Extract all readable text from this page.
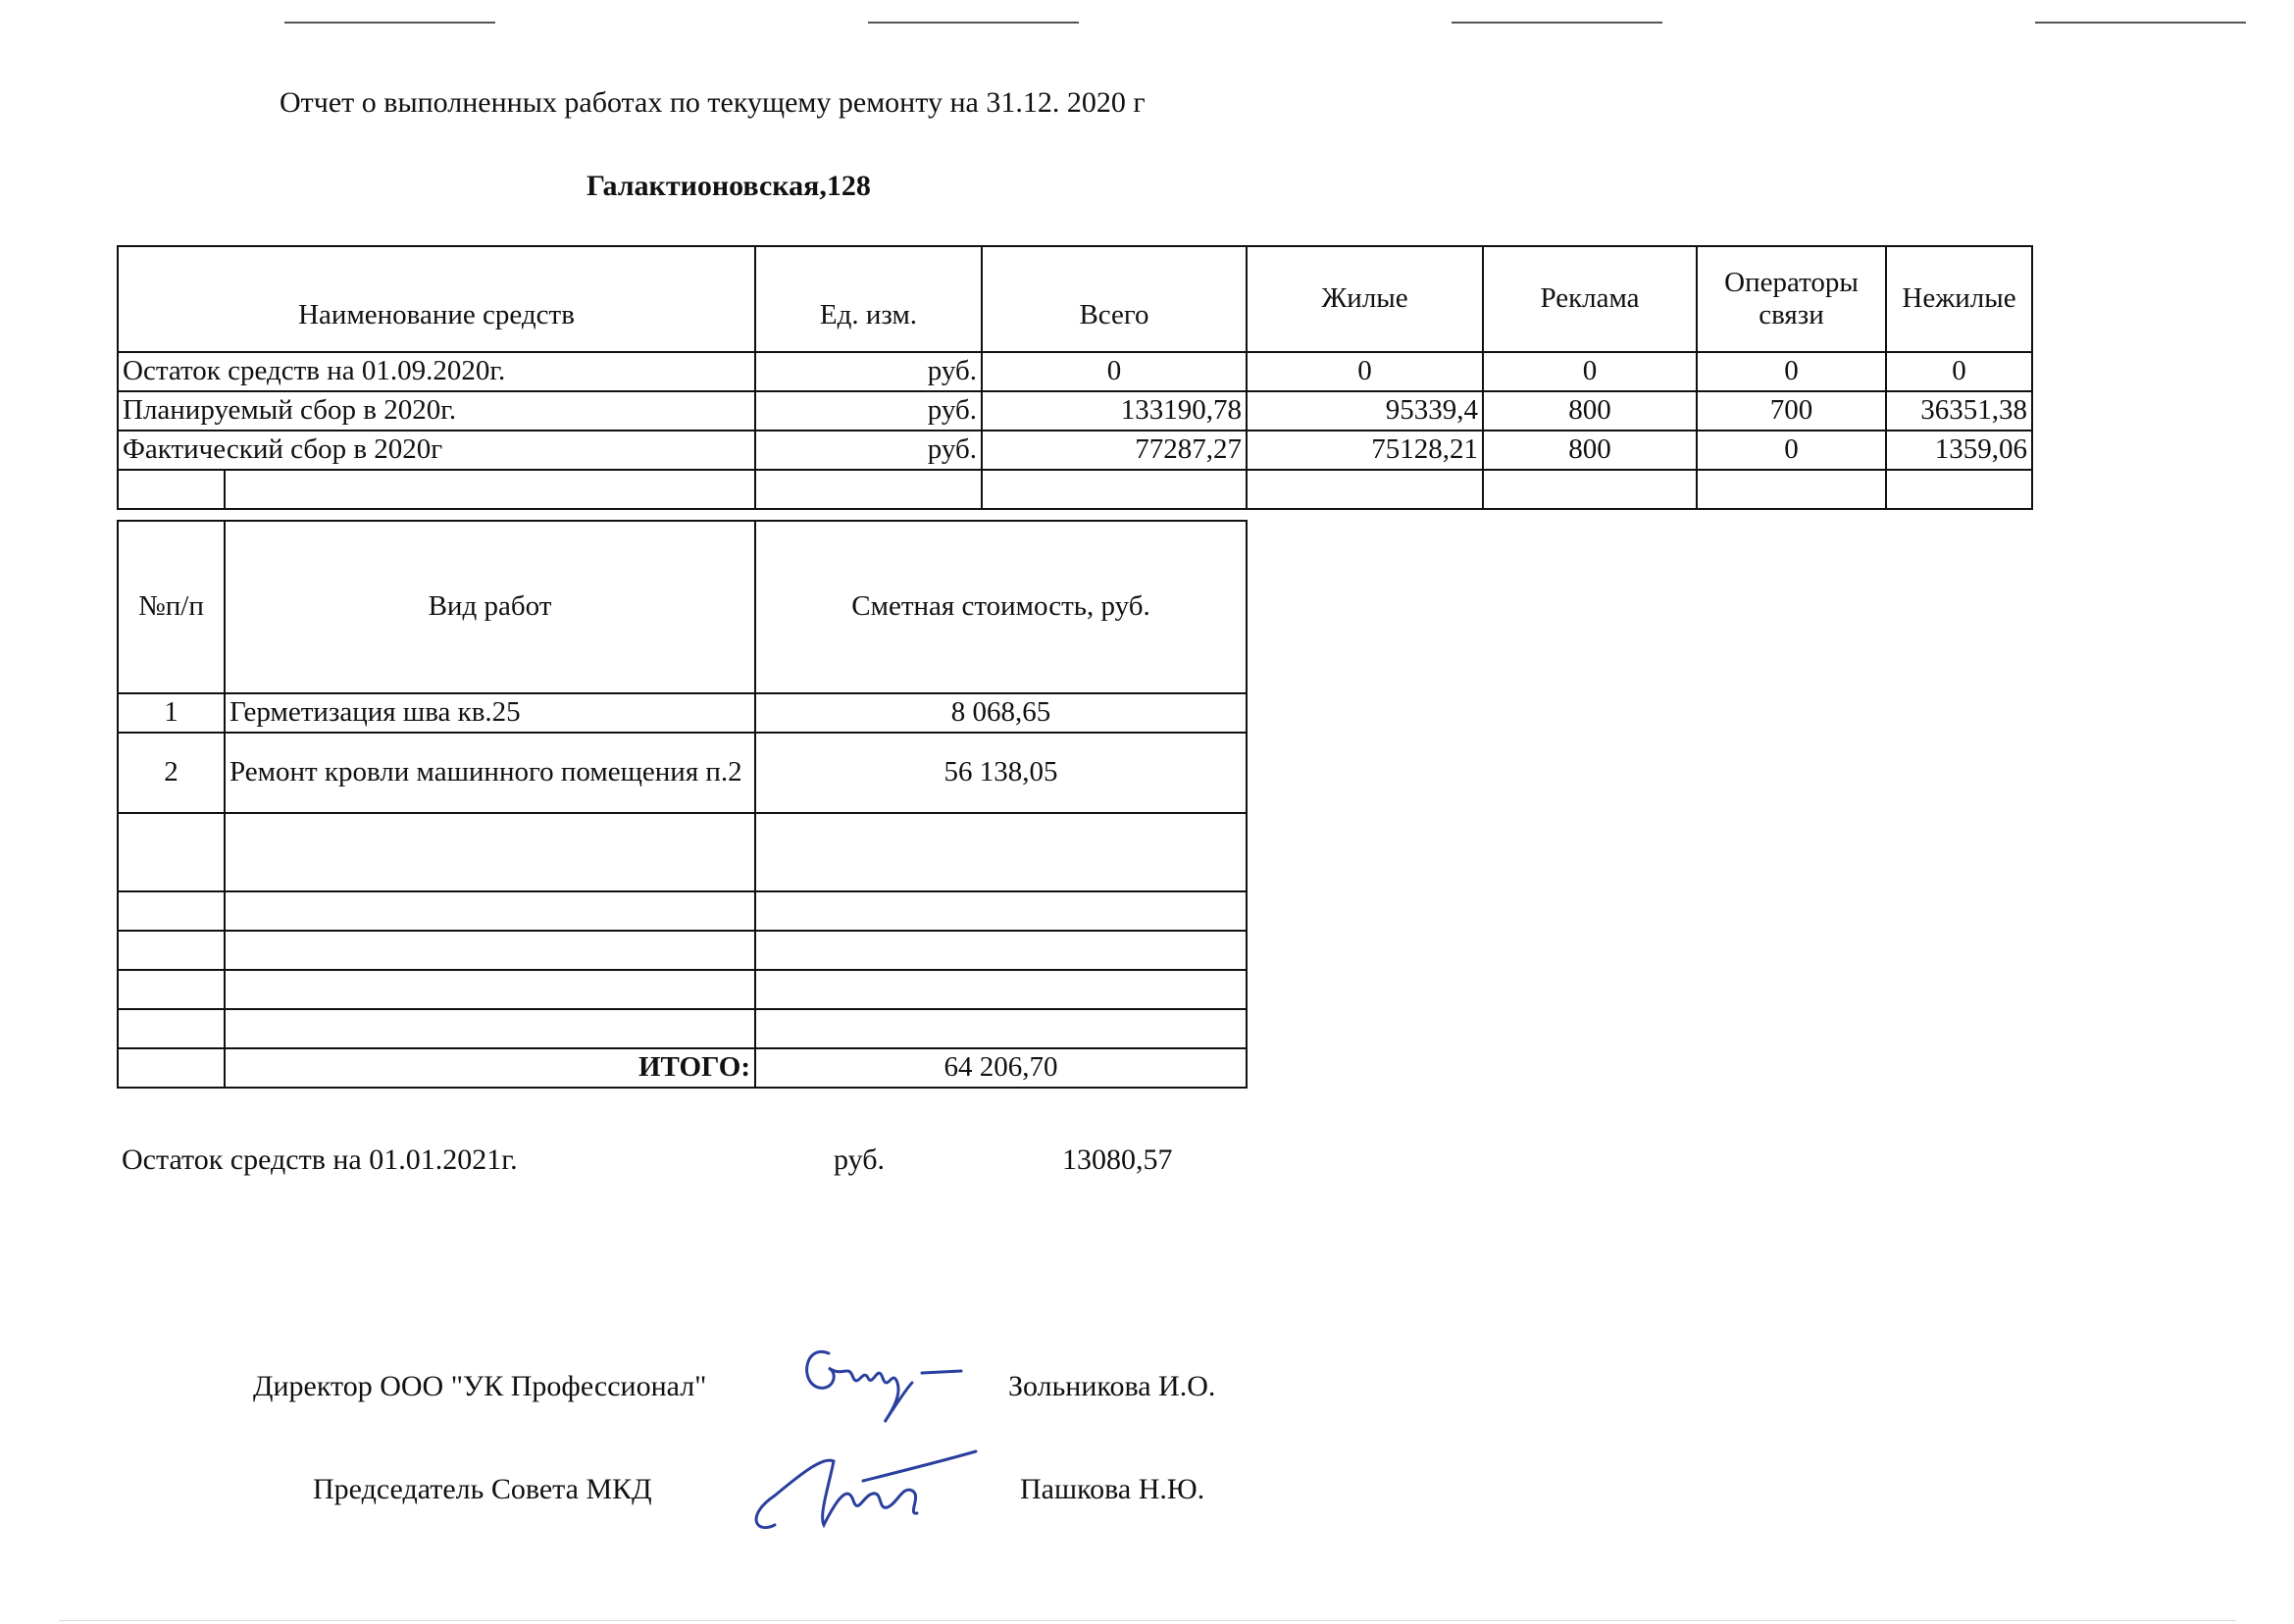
Отчет о выполненных работах по текущему ремонту на 31.12. 2020 г
Галактионовская,128
Наименование средств		Ед. изм.	Всего	Жилые	Реклама	Операторы связи	Нежилые
Остаток средств на 01.09.2020г.		руб.	0	0	0	0	0
Планируемый сбор в 2020г.		руб.	133190,78	95339,4	800	700	36351,38
Фактический сбор в 2020г		руб.	77287,27	75128,21	800	0	1359,06

№п/п	Вид работ	Сметная стоимость, руб.
1	Герметизация шва кв.25	8 068,65
2	Ремонт кровли машинного помещения п.2	56 138,05

	ИТОГО:	64 206,70
Остаток средств на 01.01.2021г.	руб.	13080,57
Директор ООО "УК Профессионал"	Зольникова И.О.
Председатель Совета МКД	Пашкова Н.Ю.
